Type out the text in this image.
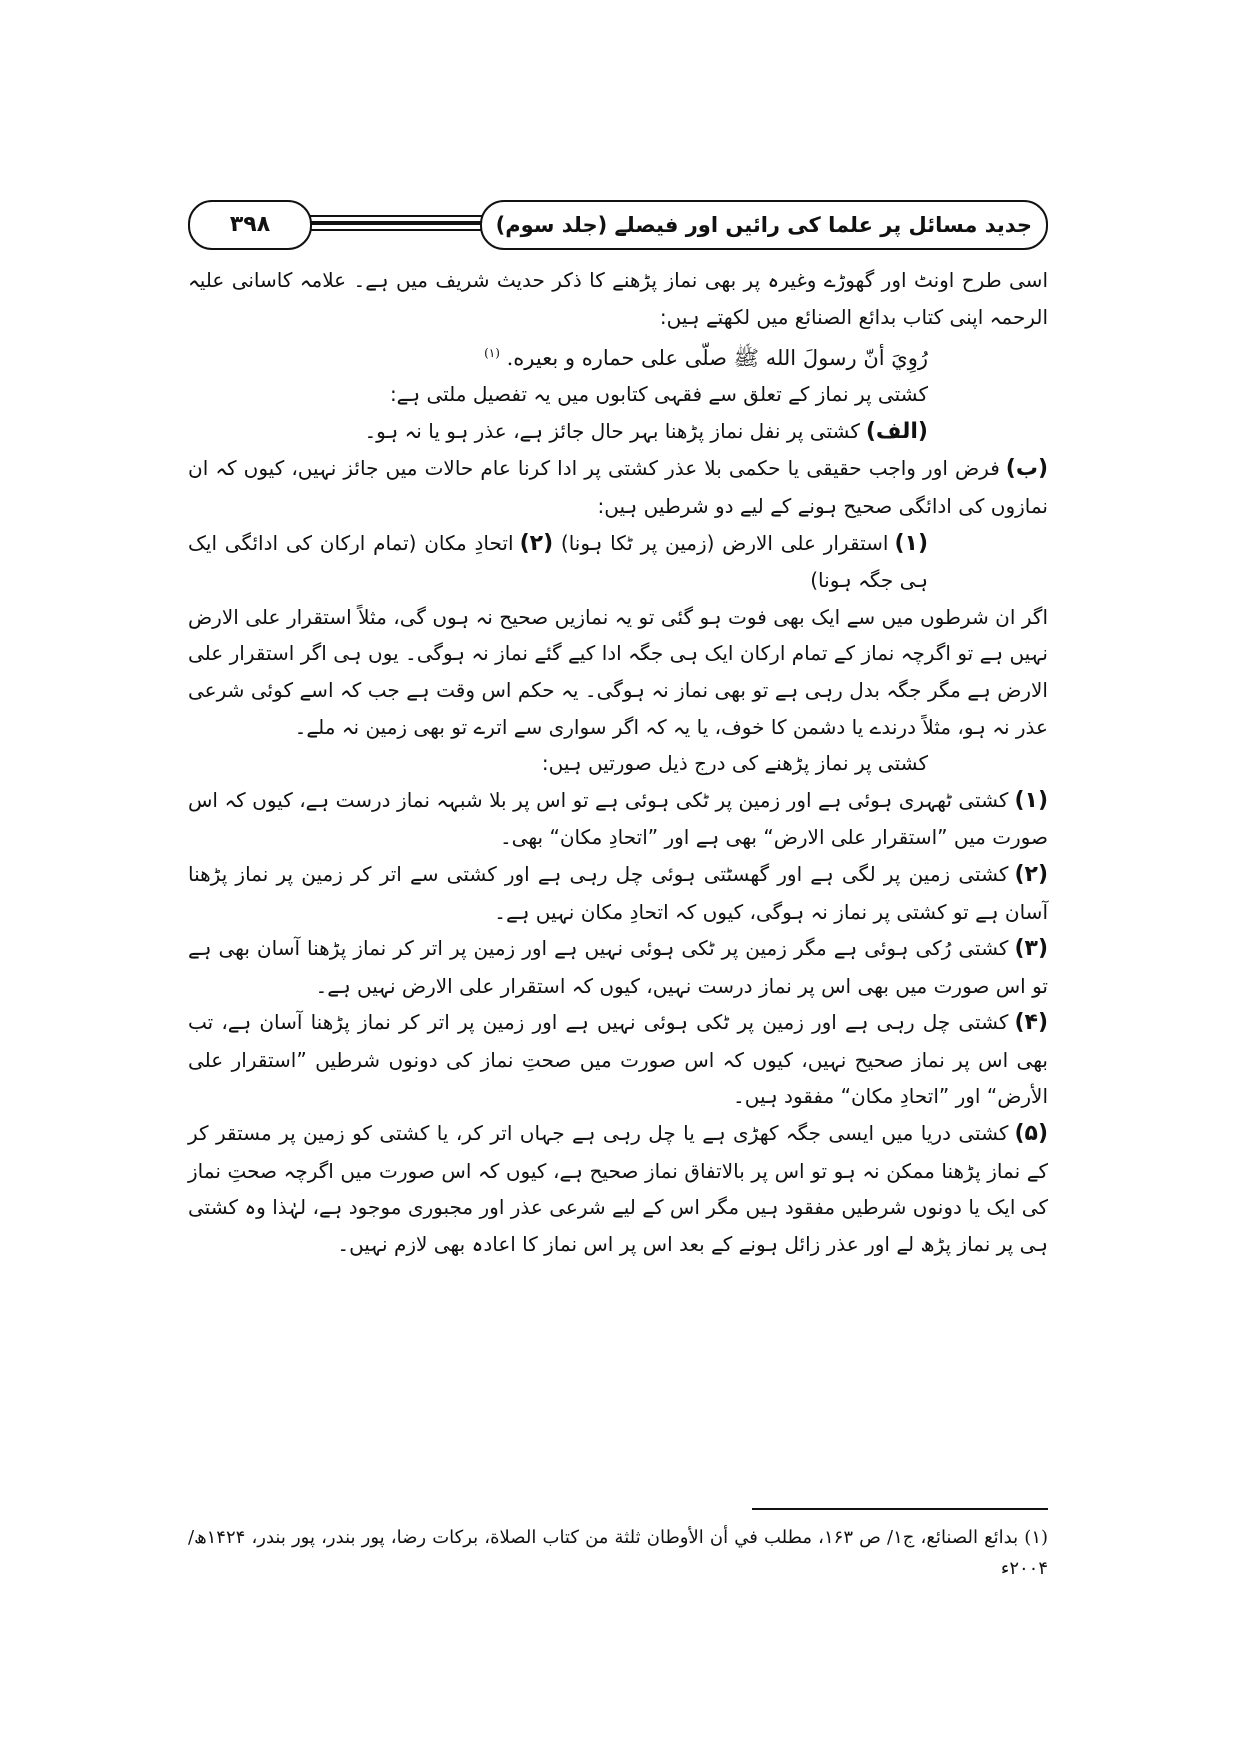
۳۹۸	جدید مسائل پر علما کی رائیں اور فیصلے (جلد سوم)

اسی طرح اونٹ اور گھوڑے وغیرہ پر بھی نماز پڑھنے کا ذکر حدیث شریف میں ہے۔ علامہ کاسانی علیہ الرحمہ اپنی کتاب بدائع الصنائع میں لکھتے ہیں:

رُوِيَ أنّ رسولَ الله ﷺ صلّى على حماره و بعيره. $^{(۱)}$

کشتی پر نماز کے تعلق سے فقہی کتابوں میں یہ تفصیل ملتی ہے:

(الف)کشتی پر نفل نماز پڑھنا بہر حال جائز ہے، عذر ہو یا نہ ہو۔

(ب)فرض اور واجب حقیقی یا حکمی بلا عذر کشتی پر ادا کرنا عام حالات میں جائز نہیں، کیوں کہ ان نمازوں کی ادائگی صحیح ہونے کے لیے دو شرطیں ہیں:

(۱)استقرار علی الارض (زمین پر ٹکا ہونا) (۲)اتحادِ مکان (تمام ارکان کی ادائگی ایک ہی جگہ ہونا)

اگر ان شرطوں میں سے ایک بھی فوت ہو گئی تو یہ نمازیں صحیح نہ ہوں گی، مثلاً استقرار علی الارض نہیں ہے تو اگرچہ نماز کے تمام ارکان ایک ہی جگہ ادا کیے گئے نماز نہ ہوگی۔ یوں ہی اگر استقرار علی الارض ہے مگر جگہ بدل رہی ہے تو بھی نماز نہ ہوگی۔ یہ حکم اس وقت ہے جب کہ اسے کوئی شرعی عذر نہ ہو، مثلاً درندے یا دشمن کا خوف، یا یہ کہ اگر سواری سے اترے تو بھی زمین نہ ملے۔

کشتی پر نماز پڑھنے کی درج ذیل صورتیں ہیں:

(۱)کشتی ٹھہری ہوئی ہے اور زمین پر ٹکی ہوئی ہے تو اس پر بلا شبہہ نماز درست ہے، کیوں کہ اس صورت میں ”استقرار علی الارض“ بھی ہے اور ”اتحادِ مکان“ بھی۔

(۲)کشتی زمین پر لگی ہے اور گھسٹتی ہوئی چل رہی ہے اور کشتی سے اتر کر زمین پر نماز پڑھنا آسان ہے تو کشتی پر نماز نہ ہوگی، کیوں کہ اتحادِ مکان نہیں ہے۔

(۳)کشتی رُکی ہوئی ہے مگر زمین پر ٹکی ہوئی نہیں ہے اور زمین پر اتر کر نماز پڑھنا آسان بھی ہے تو اس صورت میں بھی اس پر نماز درست نہیں، کیوں کہ استقرار علی الارض نہیں ہے۔

(۴)کشتی چل رہی ہے اور زمین پر ٹکی ہوئی نہیں ہے اور زمین پر اتر کر نماز پڑھنا آسان ہے، تب بھی اس پر نماز صحیح نہیں، کیوں کہ اس صورت میں صحتِ نماز کی دونوں شرطیں ”استقرار علی الأرض“ اور ”اتحادِ مکان“ مفقود ہیں۔

(۵)کشتی دریا میں ایسی جگہ کھڑی ہے یا چل رہی ہے جہاں اتر کر، یا کشتی کو زمین پر مستقر کر کے نماز پڑھنا ممکن نہ ہو تو اس پر بالاتفاق نماز صحیح ہے، کیوں کہ اس صورت میں اگرچہ صحتِ نماز کی ایک یا دونوں شرطیں مفقود ہیں مگر اس کے لیے شرعی عذر اور مجبوری موجود ہے، لہٰذا وہ کشتی ہی پر نماز پڑھ لے اور عذر زائل ہونے کے بعد اس پر اس نماز کا اعادہ بھی لازم نہیں۔

(۱) بدائع الصنائع، ج۱/ ص ۱۶۳، مطلب في أن الأوطان ثلثة من كتاب الصلاة، بركات رضا، پور بندر، پور بندر، ۱۴۲۴ھ/ ۲۰۰۴ء
